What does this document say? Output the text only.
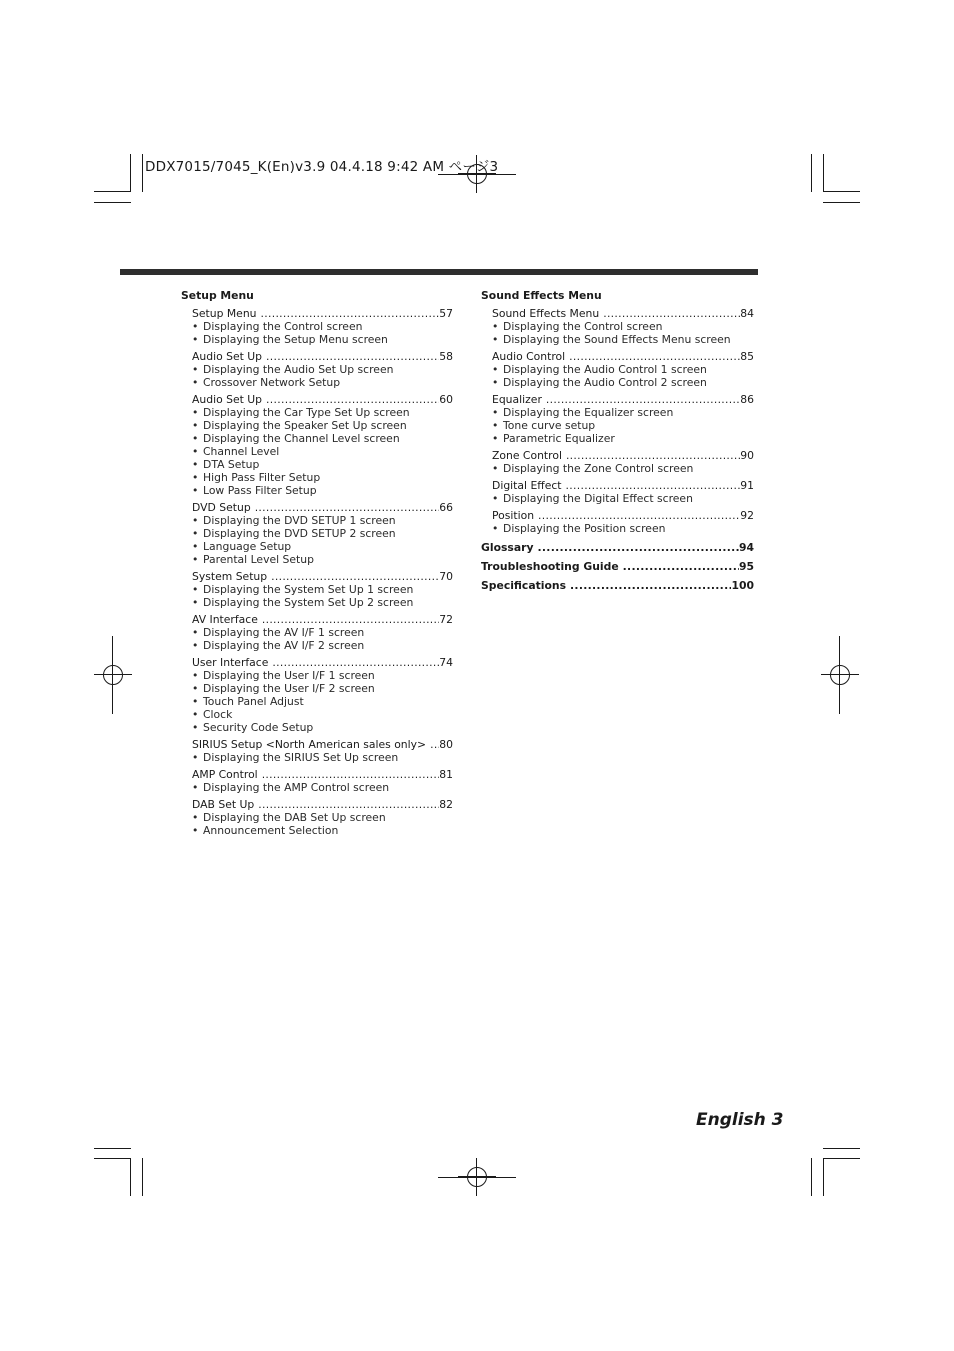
DDX7015/7045_K(En)v3.9 04.4.18 9:42 AM ページ3
Setup Menu
Setup Menu .....	57
• Displaying the Control screen
• Displaying the Setup Menu screen
Audio Set Up .....	58
• Displaying the Audio Set Up screen
• Crossover Network Setup
Audio Set Up .....	60
• Displaying the Car Type Set Up screen
• Displaying the Speaker Set Up screen
• Displaying the Channel Level screen
• Channel Level
• DTA Setup
• High Pass Filter Setup
• Low Pass Filter Setup
DVD Setup .....	66
• Displaying the DVD SETUP 1 screen
• Displaying the DVD SETUP 2 screen
• Language Setup
• Parental Level Setup
System Setup .....	70
• Displaying the System Set Up 1 screen
• Displaying the System Set Up 2 screen
AV Interface .....	72
• Displaying the AV I/F 1 screen
• Displaying the AV I/F 2 screen
User Interface .....	74
• Displaying the User I/F 1 screen
• Displaying the User I/F 2 screen
• Touch Panel Adjust
• Clock
• Security Code Setup
SIRIUS Setup <North American sales only> .....	80
• Displaying the SIRIUS Set Up screen
AMP Control .....	81
• Displaying the AMP Control screen
DAB Set Up .....	82
• Displaying the DAB Set Up screen
• Announcement Selection
Sound Effects Menu
Sound Effects Menu .....	84
• Displaying the Control screen
• Displaying the Sound Effects Menu screen
Audio Control .....	85
• Displaying the Audio Control 1 screen
• Displaying the Audio Control 2 screen
Equalizer .....	86
• Displaying the Equalizer screen
• Tone curve setup
• Parametric Equalizer
Zone Control .....	90
• Displaying the Zone Control screen
Digital Effect .....	91
• Displaying the Digital Effect screen
Position .....	92
• Displaying the Position screen
Glossary .....	94
Troubleshooting Guide .....	95
Specifications .....	100
English 3
